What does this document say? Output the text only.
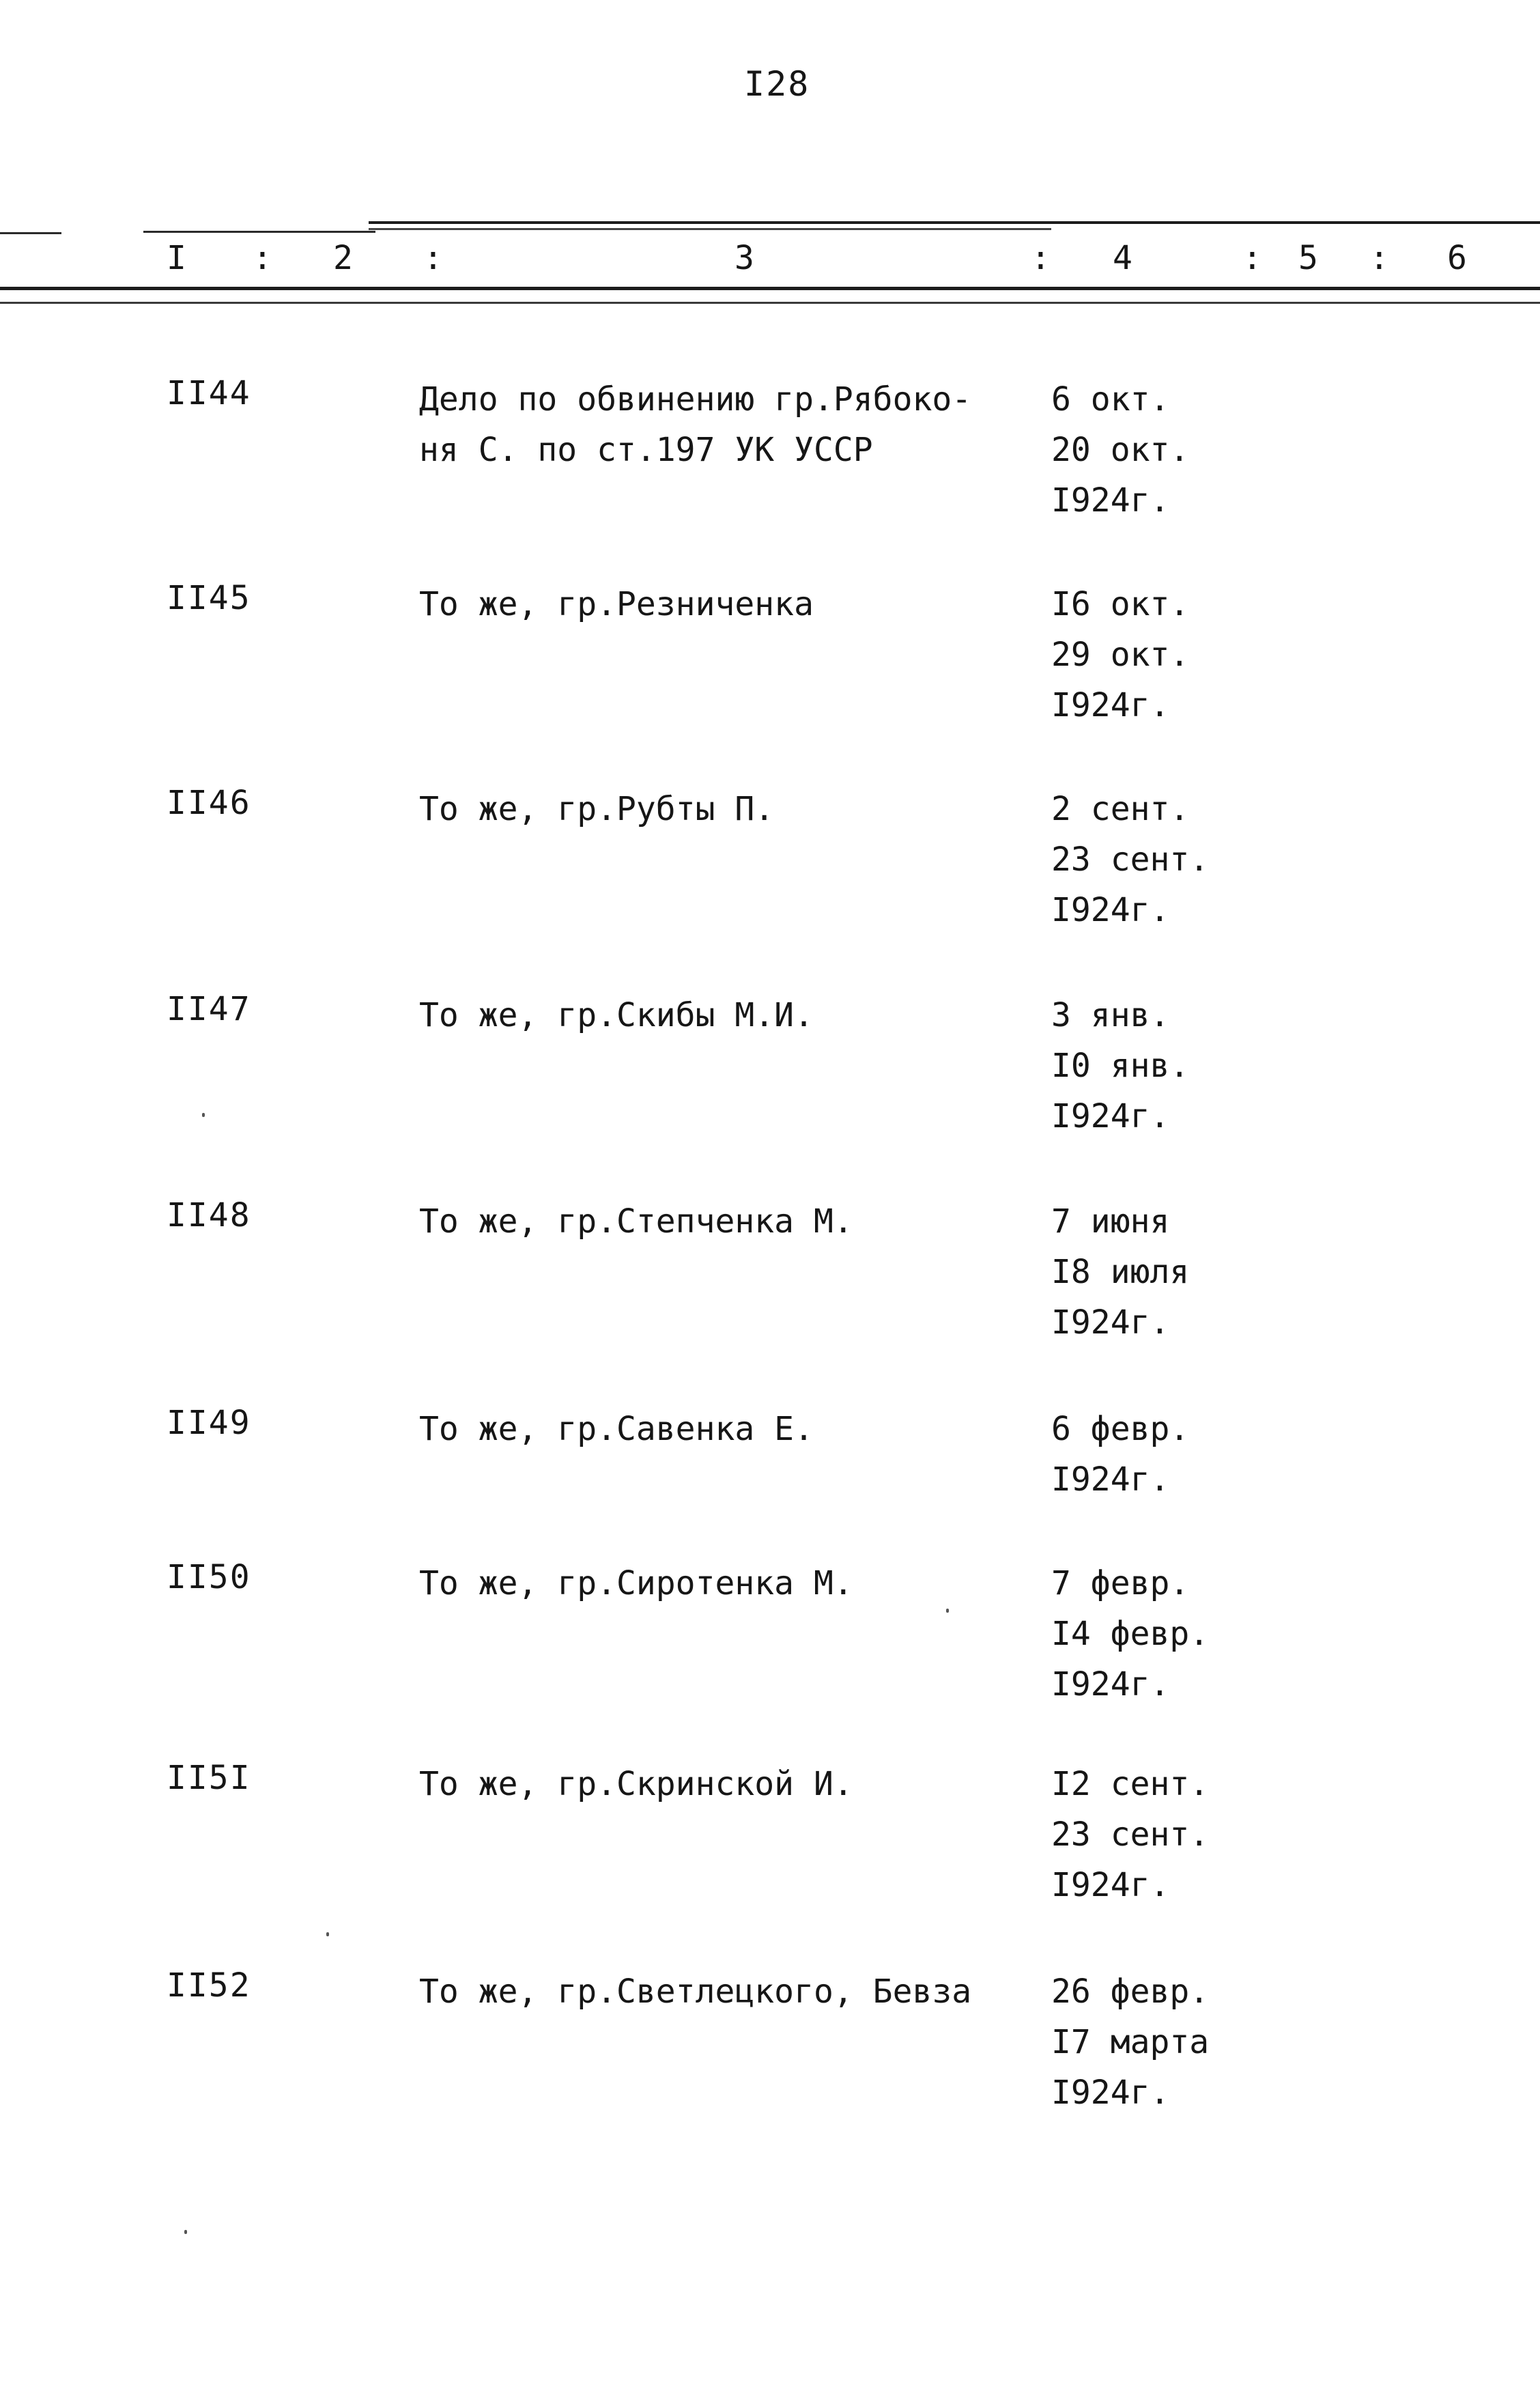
I28
I : 2 :	3	: 4	: 5 : 6
II44	Дело по обвинению гр.Рябоко-
ня С. по ст.197 УК УССР
6 окт.
20 окт.
I924г.
II45	То же, гр.Резниченка	I6 окт.
29 окт.
I924г.
II46	То же, гр.Рубты П.	2 сент.
23 сент.
I924г.
II47	То же, гр.Скибы М.И.	3 янв.
I0 янв.
I924г.
II48	То же, гр.Степченка М.	7 июня
I8 июля
I924г.
II49	То же, гр.Савенка Е.	6 февр.
I924г.
II50	То же, гр.Сиротенка М.	7 февр.
I4 февр.
I924г.
II5I	То же, гр.Скринской И.	I2 сент.
23 сент.
I924г.
II52	То же, гр.Светлецкого, Бевза	26 февр.
I7 марта
I924г.
